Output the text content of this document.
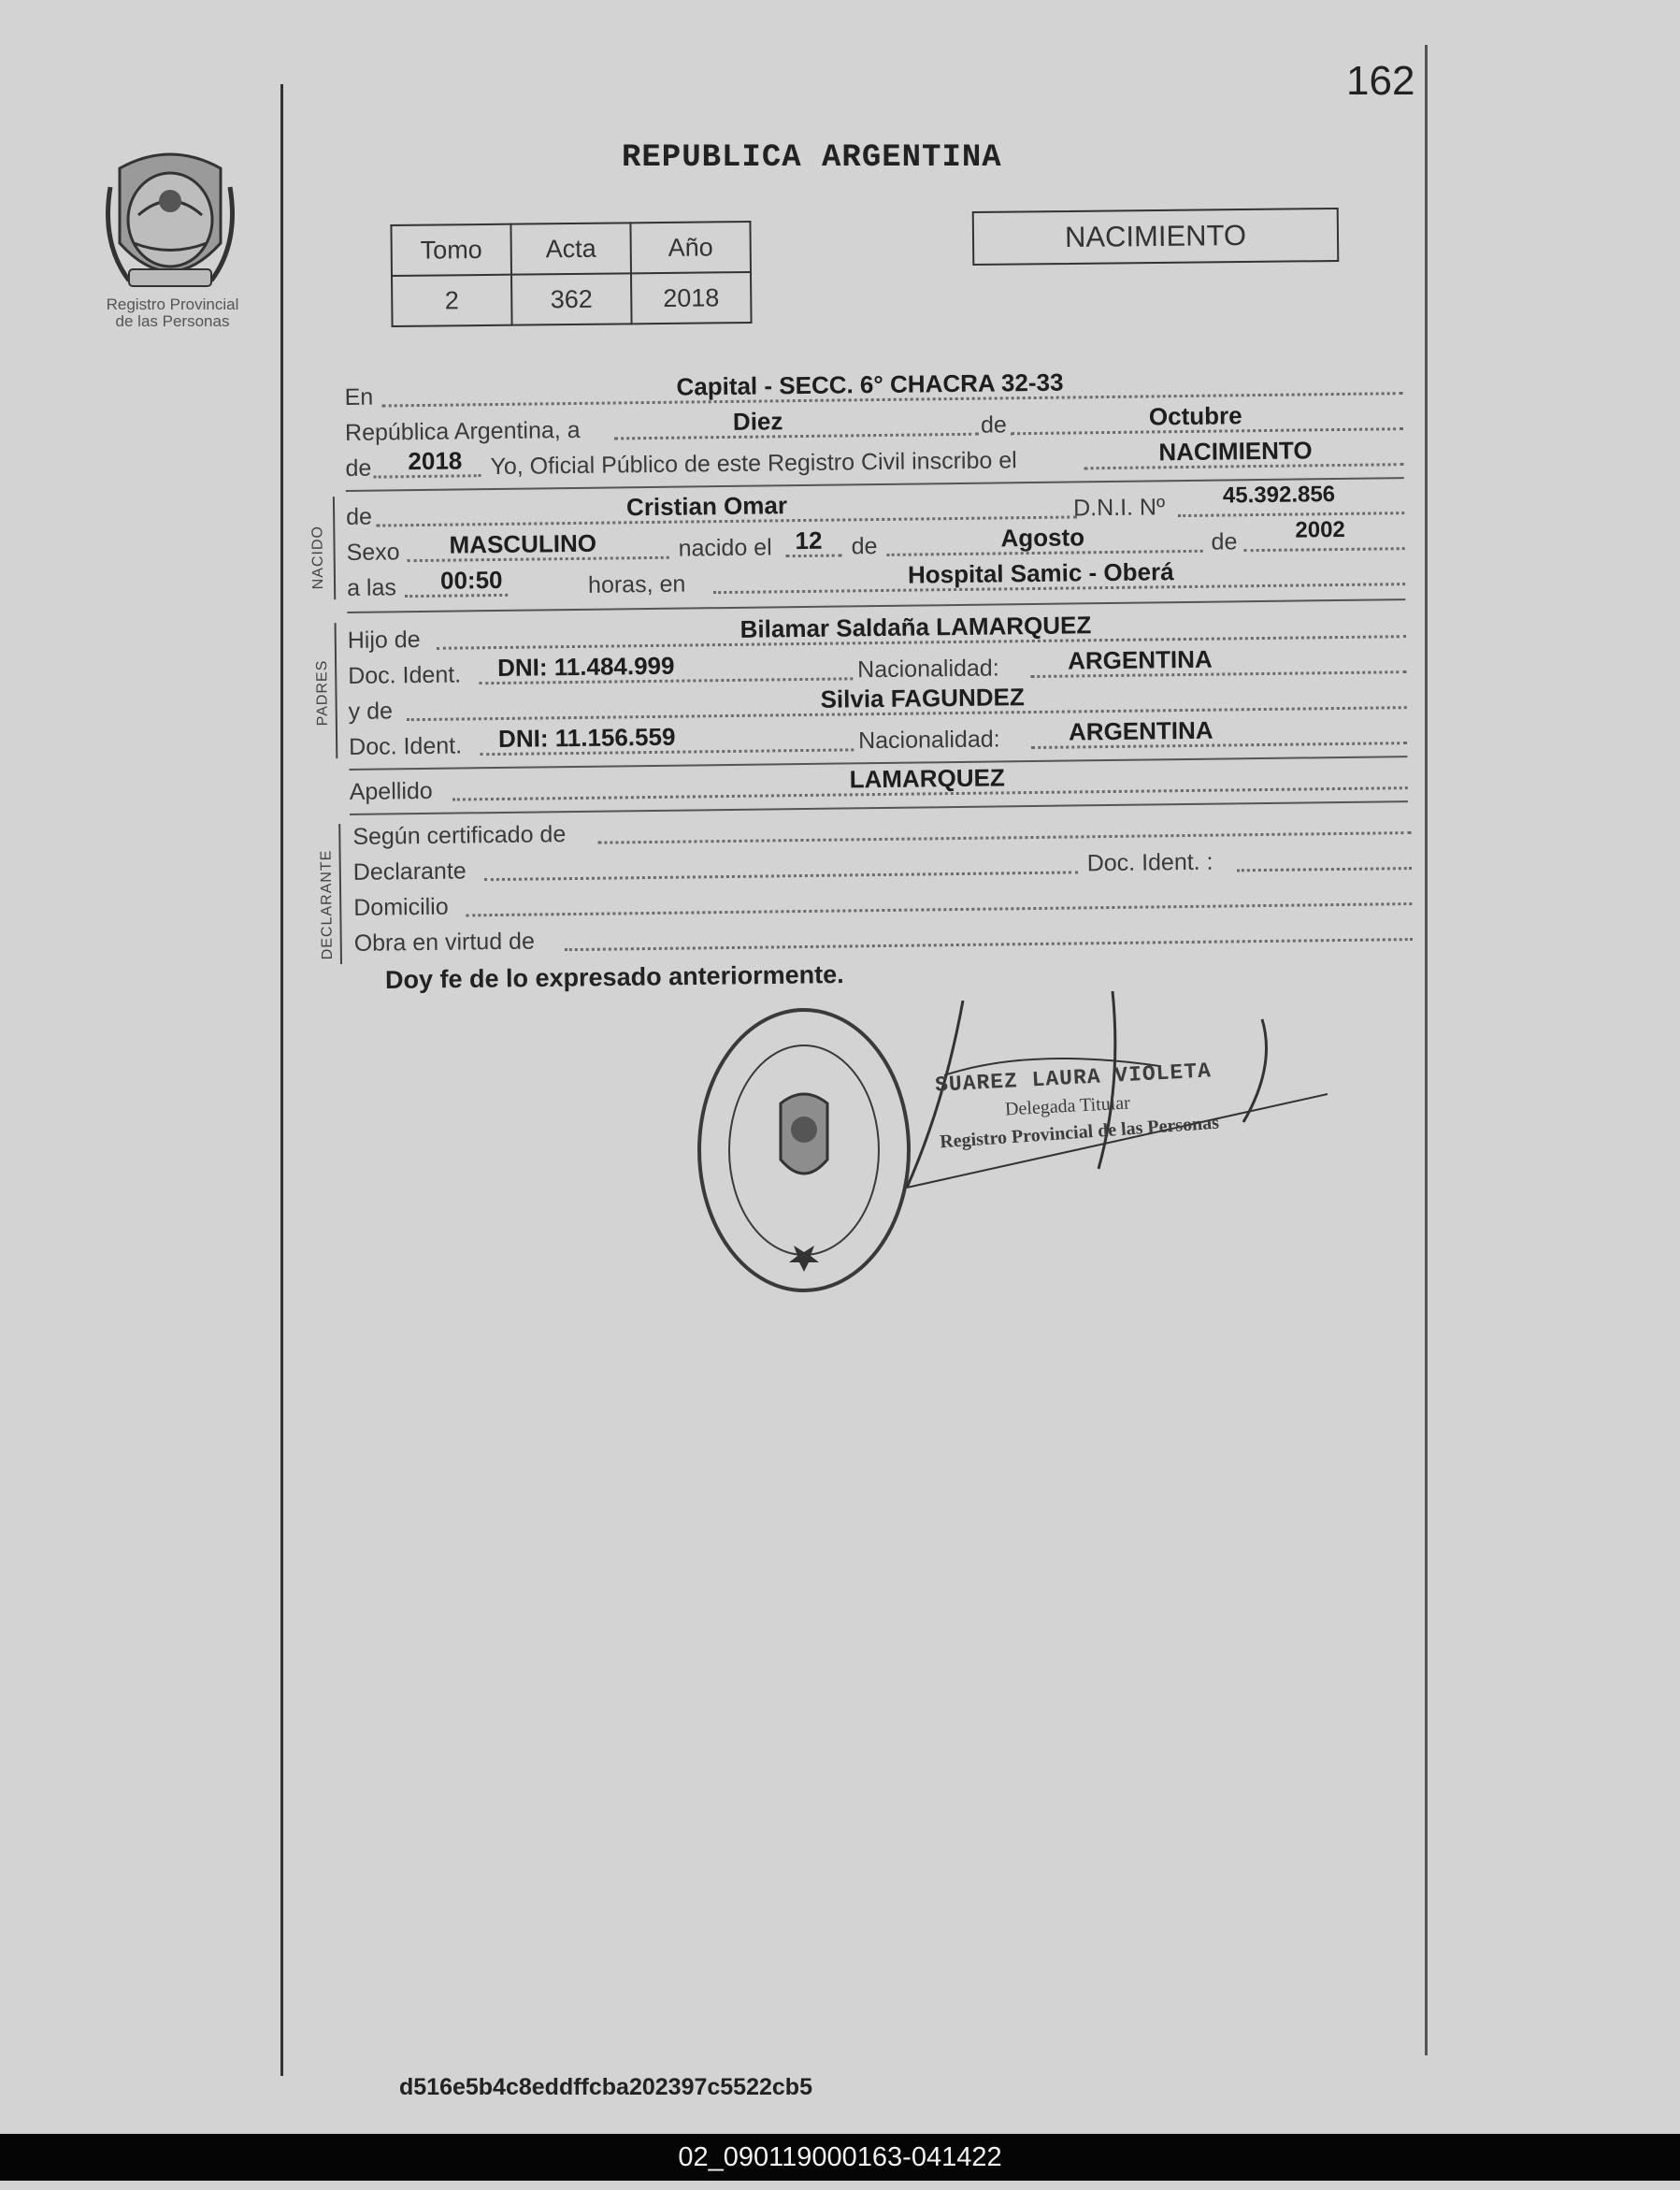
162
REPUBLICA ARGENTINA
Registro Provincial
de las Personas
Tomo	Acta	Año
2	362	2018
NACIMIENTO
En	Capital - SECC. 6° CHACRA 32-33
República Argentina, a	Diez	de	Octubre
de 2018 Yo, Oficial Público de este Registro Civil inscribo el	NACIMIENTO
NACIDO
de	Cristian Omar	D.N.I. Nº	45.392.856
Sexo MASCULINO	nacido el 12 de	Agosto	de	2002
a las 00:50	horas, en	Hospital Samic - Oberá
PADRES
Hijo de	Bilamar Saldaña LAMARQUEZ
Doc. Ident. DNI: 11.484.999	Nacionalidad:	ARGENTINA
y de	Silvia FAGUNDEZ
Doc. Ident. DNI: 11.156.559	Nacionalidad:	ARGENTINA
Apellido	LAMARQUEZ
DECLARANTE
Según certificado de
Declarante	Doc. Ident. :
Domicilio
Obra en virtud de
Doy fe de lo expresado anteriormente.
SUAREZ LAURA VIOLETA
Delegada Titular
Registro Provincial de las Personas
d516e5b4c8eddffcba202397c5522cb5
02_090119000163-041422
